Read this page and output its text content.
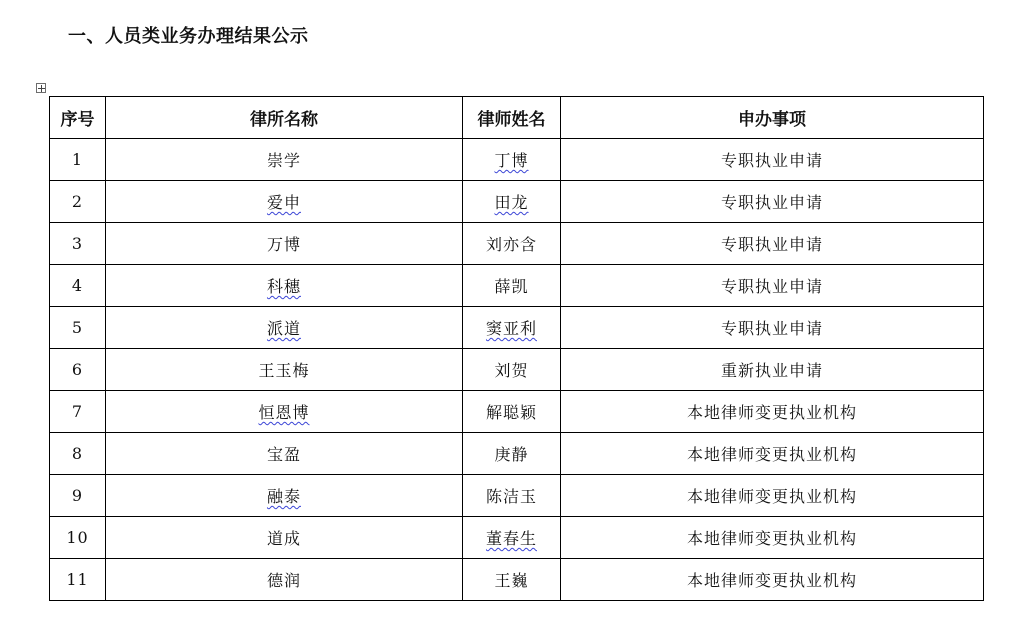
一、人员类业务办理结果公示
序号	律所名称	律师姓名	申办事项
1	崇学	丁博	专职执业申请
2	爱申	田龙	专职执业申请
3	万博	刘亦含	专职执业申请
4	科穗	薛凯	专职执业申请
5	派道	窦亚利	专职执业申请
6	王玉梅	刘贺	重新执业申请
7	恒恩博	解聪颖	本地律师变更执业机构
8	宝盈	庚静	本地律师变更执业机构
9	融泰	陈洁玉	本地律师变更执业机构
10	道成	董春生	本地律师变更执业机构
11	德润	王巍	本地律师变更执业机构
